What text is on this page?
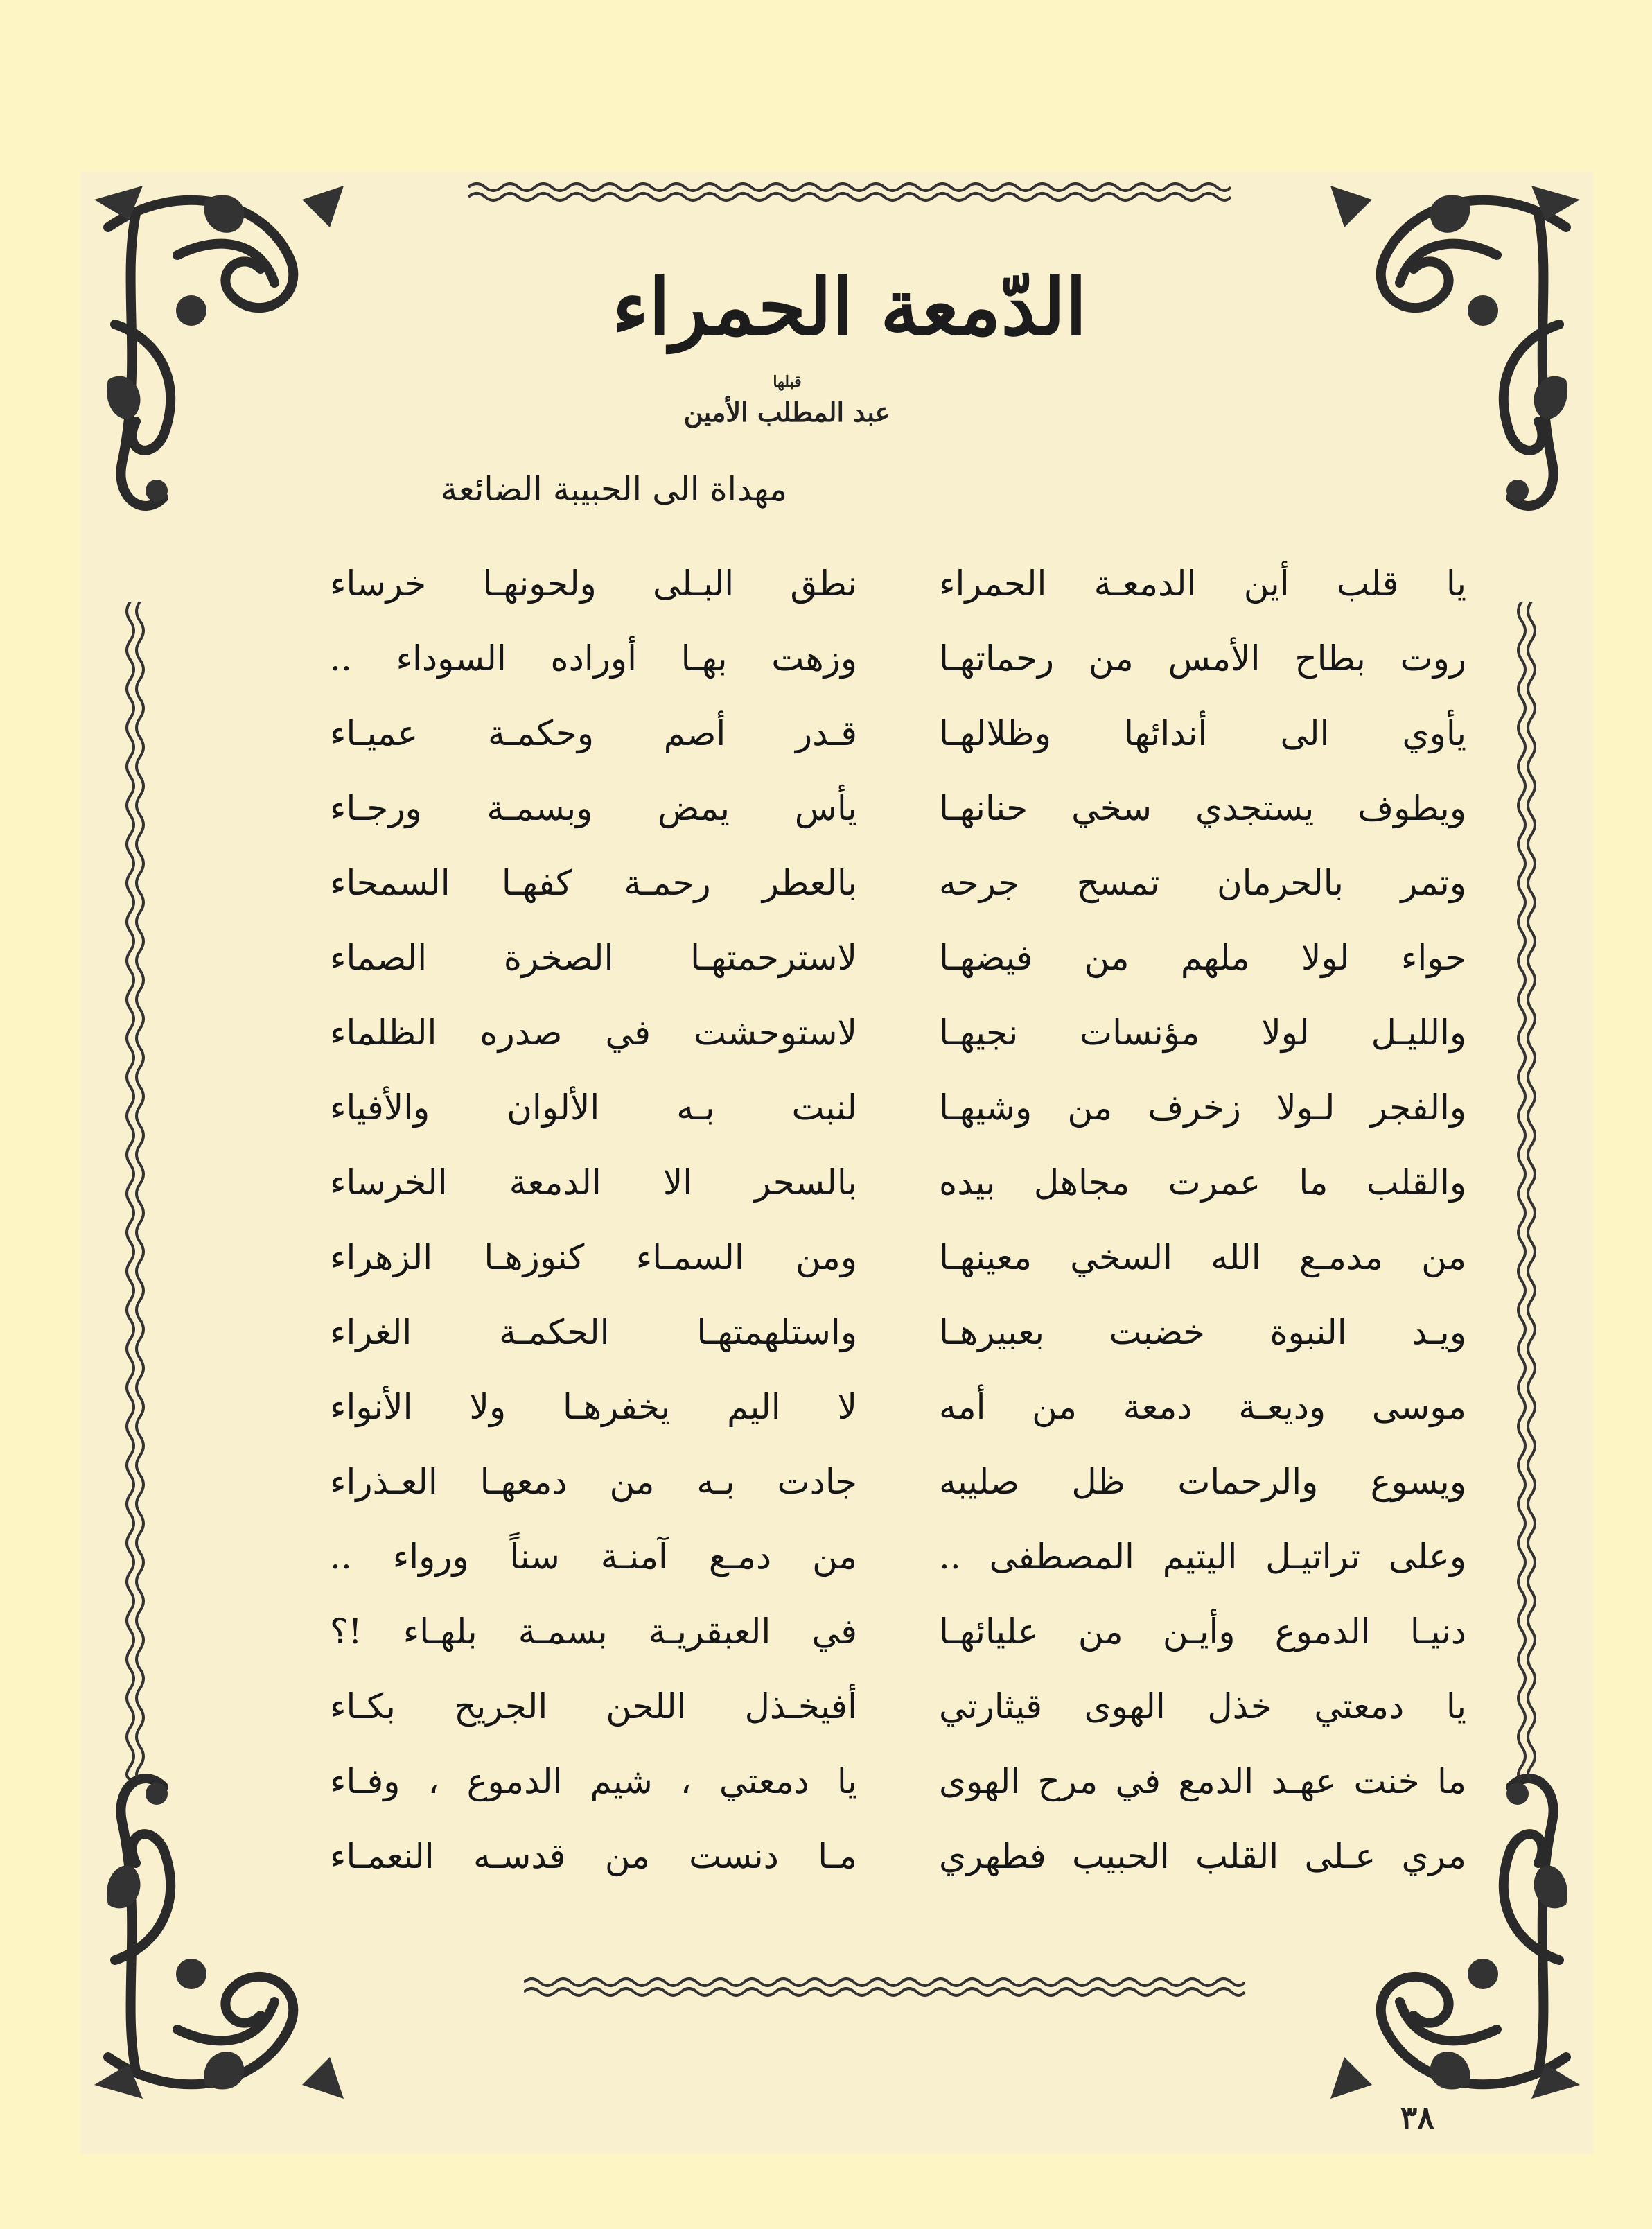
الدّمعة الحمراء
قبلها
عبد المطلب الأمين
مهداة الى الحبيبة الضائعة
يا قلب أين الدمعـة الحمراء
نطق البـلى ولحونهـا خرساء
روت بطاح الأمس من رحماتهـا
وزهت بهـا أوراده السوداء ..
يأوي الى أندائها وظلالهـا
قـدر أصم وحكمـة عميـاء
ويطوف يستجدي سخي حنانهـا
يأس يمض وبسمـة ورجـاء
وتمر بالحرمان تمسح جرحه
بالعطر رحمـة كفهـا السمحاء
حواء لولا ملهم من فيضهـا
لاسترحمتهـا الصخرة الصماء
والليـل لولا مؤنسات نجيهـا
لاستوحشت في صدره الظلماء
والفجر لـولا زخرف من وشيهـا
لنبت بـه الألوان والأفياء
والقلب ما عمرت مجاهل بيده
بالسحر الا الدمعة الخرساء
من مدمـع الله السخي معينهـا
ومن السمـاء كنوزهـا الزهراء
ويـد النبوة خضبت بعبيرهـا
واستلهمتهـا الحكمـة الغراء
موسى وديعـة دمعة من أمه
لا اليم يخفرهـا ولا الأنواء
ويسوع والرحمات ظل صليبه
جادت بـه من دمعهـا العـذراء
وعلى تراتيـل اليتيم المصطفى ..
من دمـع آمنـة سناً ورواء ..
دنيـا الدموع وأيـن من عليائهـا
في العبقريـة بسمـة بلهـاء !؟
يا دمعتي خذل الهوى قيثارتي
أفيخـذل اللحن الجريح بكـاء
ما خنت عهـد الدمع في مرح الهوى
يا دمعتي ، شيم الدموع ، وفـاء
مري عـلى القلب الحبيب فطهري
مـا دنست من قدسـه النعمـاء
٣٨
